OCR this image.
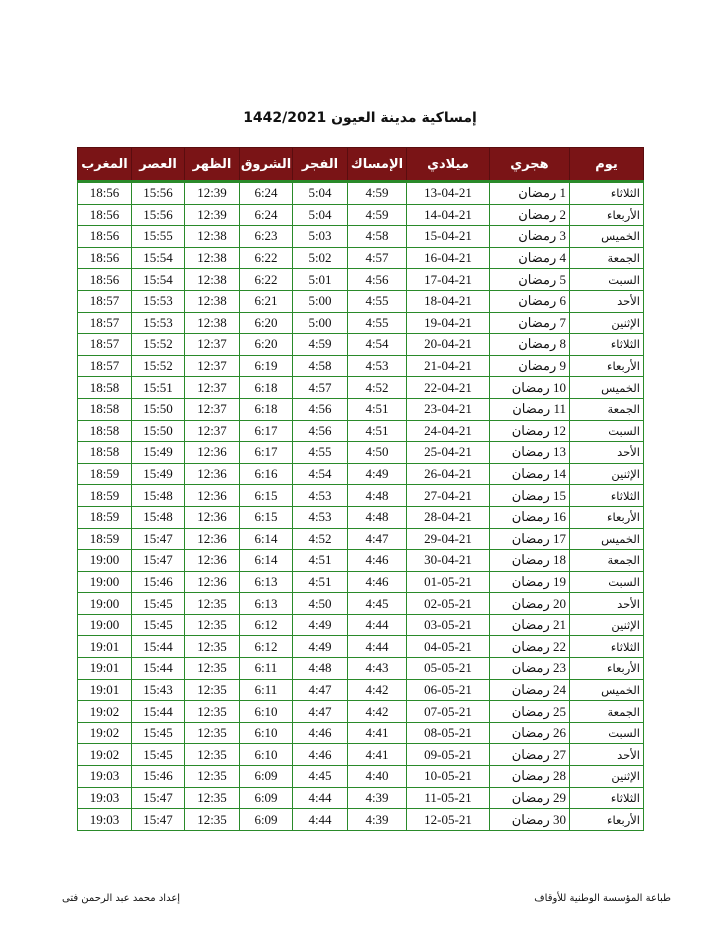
إمساكية مدينة العيون 1442/2021
المغرب	العصر	الظهر	الشروق	الفجر	الإمساك	ميلادي	هجري	يوم
18:56	15:56	12:39	6:24	5:04	4:59	13-04-21	1 رمضان	الثلاثاء
18:56	15:56	12:39	6:24	5:04	4:59	14-04-21	2 رمضان	الأربعاء
18:56	15:55	12:38	6:23	5:03	4:58	15-04-21	3 رمضان	الخميس
18:56	15:54	12:38	6:22	5:02	4:57	16-04-21	4 رمضان	الجمعة
18:56	15:54	12:38	6:22	5:01	4:56	17-04-21	5 رمضان	السبت
18:57	15:53	12:38	6:21	5:00	4:55	18-04-21	6 رمضان	الأحد
18:57	15:53	12:38	6:20	5:00	4:55	19-04-21	7 رمضان	الإثنين
18:57	15:52	12:37	6:20	4:59	4:54	20-04-21	8 رمضان	الثلاثاء
18:57	15:52	12:37	6:19	4:58	4:53	21-04-21	9 رمضان	الأربعاء
18:58	15:51	12:37	6:18	4:57	4:52	22-04-21	10 رمضان	الخميس
18:58	15:50	12:37	6:18	4:56	4:51	23-04-21	11 رمضان	الجمعة
18:58	15:50	12:37	6:17	4:56	4:51	24-04-21	12 رمضان	السبت
18:58	15:49	12:36	6:17	4:55	4:50	25-04-21	13 رمضان	الأحد
18:59	15:49	12:36	6:16	4:54	4:49	26-04-21	14 رمضان	الإثنين
18:59	15:48	12:36	6:15	4:53	4:48	27-04-21	15 رمضان	الثلاثاء
18:59	15:48	12:36	6:15	4:53	4:48	28-04-21	16 رمضان	الأربعاء
18:59	15:47	12:36	6:14	4:52	4:47	29-04-21	17 رمضان	الخميس
19:00	15:47	12:36	6:14	4:51	4:46	30-04-21	18 رمضان	الجمعة
19:00	15:46	12:36	6:13	4:51	4:46	01-05-21	19 رمضان	السبت
19:00	15:45	12:35	6:13	4:50	4:45	02-05-21	20 رمضان	الأحد
19:00	15:45	12:35	6:12	4:49	4:44	03-05-21	21 رمضان	الإثنين
19:01	15:44	12:35	6:12	4:49	4:44	04-05-21	22 رمضان	الثلاثاء
19:01	15:44	12:35	6:11	4:48	4:43	05-05-21	23 رمضان	الأربعاء
19:01	15:43	12:35	6:11	4:47	4:42	06-05-21	24 رمضان	الخميس
19:02	15:44	12:35	6:10	4:47	4:42	07-05-21	25 رمضان	الجمعة
19:02	15:45	12:35	6:10	4:46	4:41	08-05-21	26 رمضان	السبت
19:02	15:45	12:35	6:10	4:46	4:41	09-05-21	27 رمضان	الأحد
19:03	15:46	12:35	6:09	4:45	4:40	10-05-21	28 رمضان	الإثنين
19:03	15:47	12:35	6:09	4:44	4:39	11-05-21	29 رمضان	الثلاثاء
19:03	15:47	12:35	6:09	4:44	4:39	12-05-21	30 رمضان	الأربعاء
إعداد محمد عبد الرحمن فتى	طباعة المؤسسة الوطنية للأوقاف
